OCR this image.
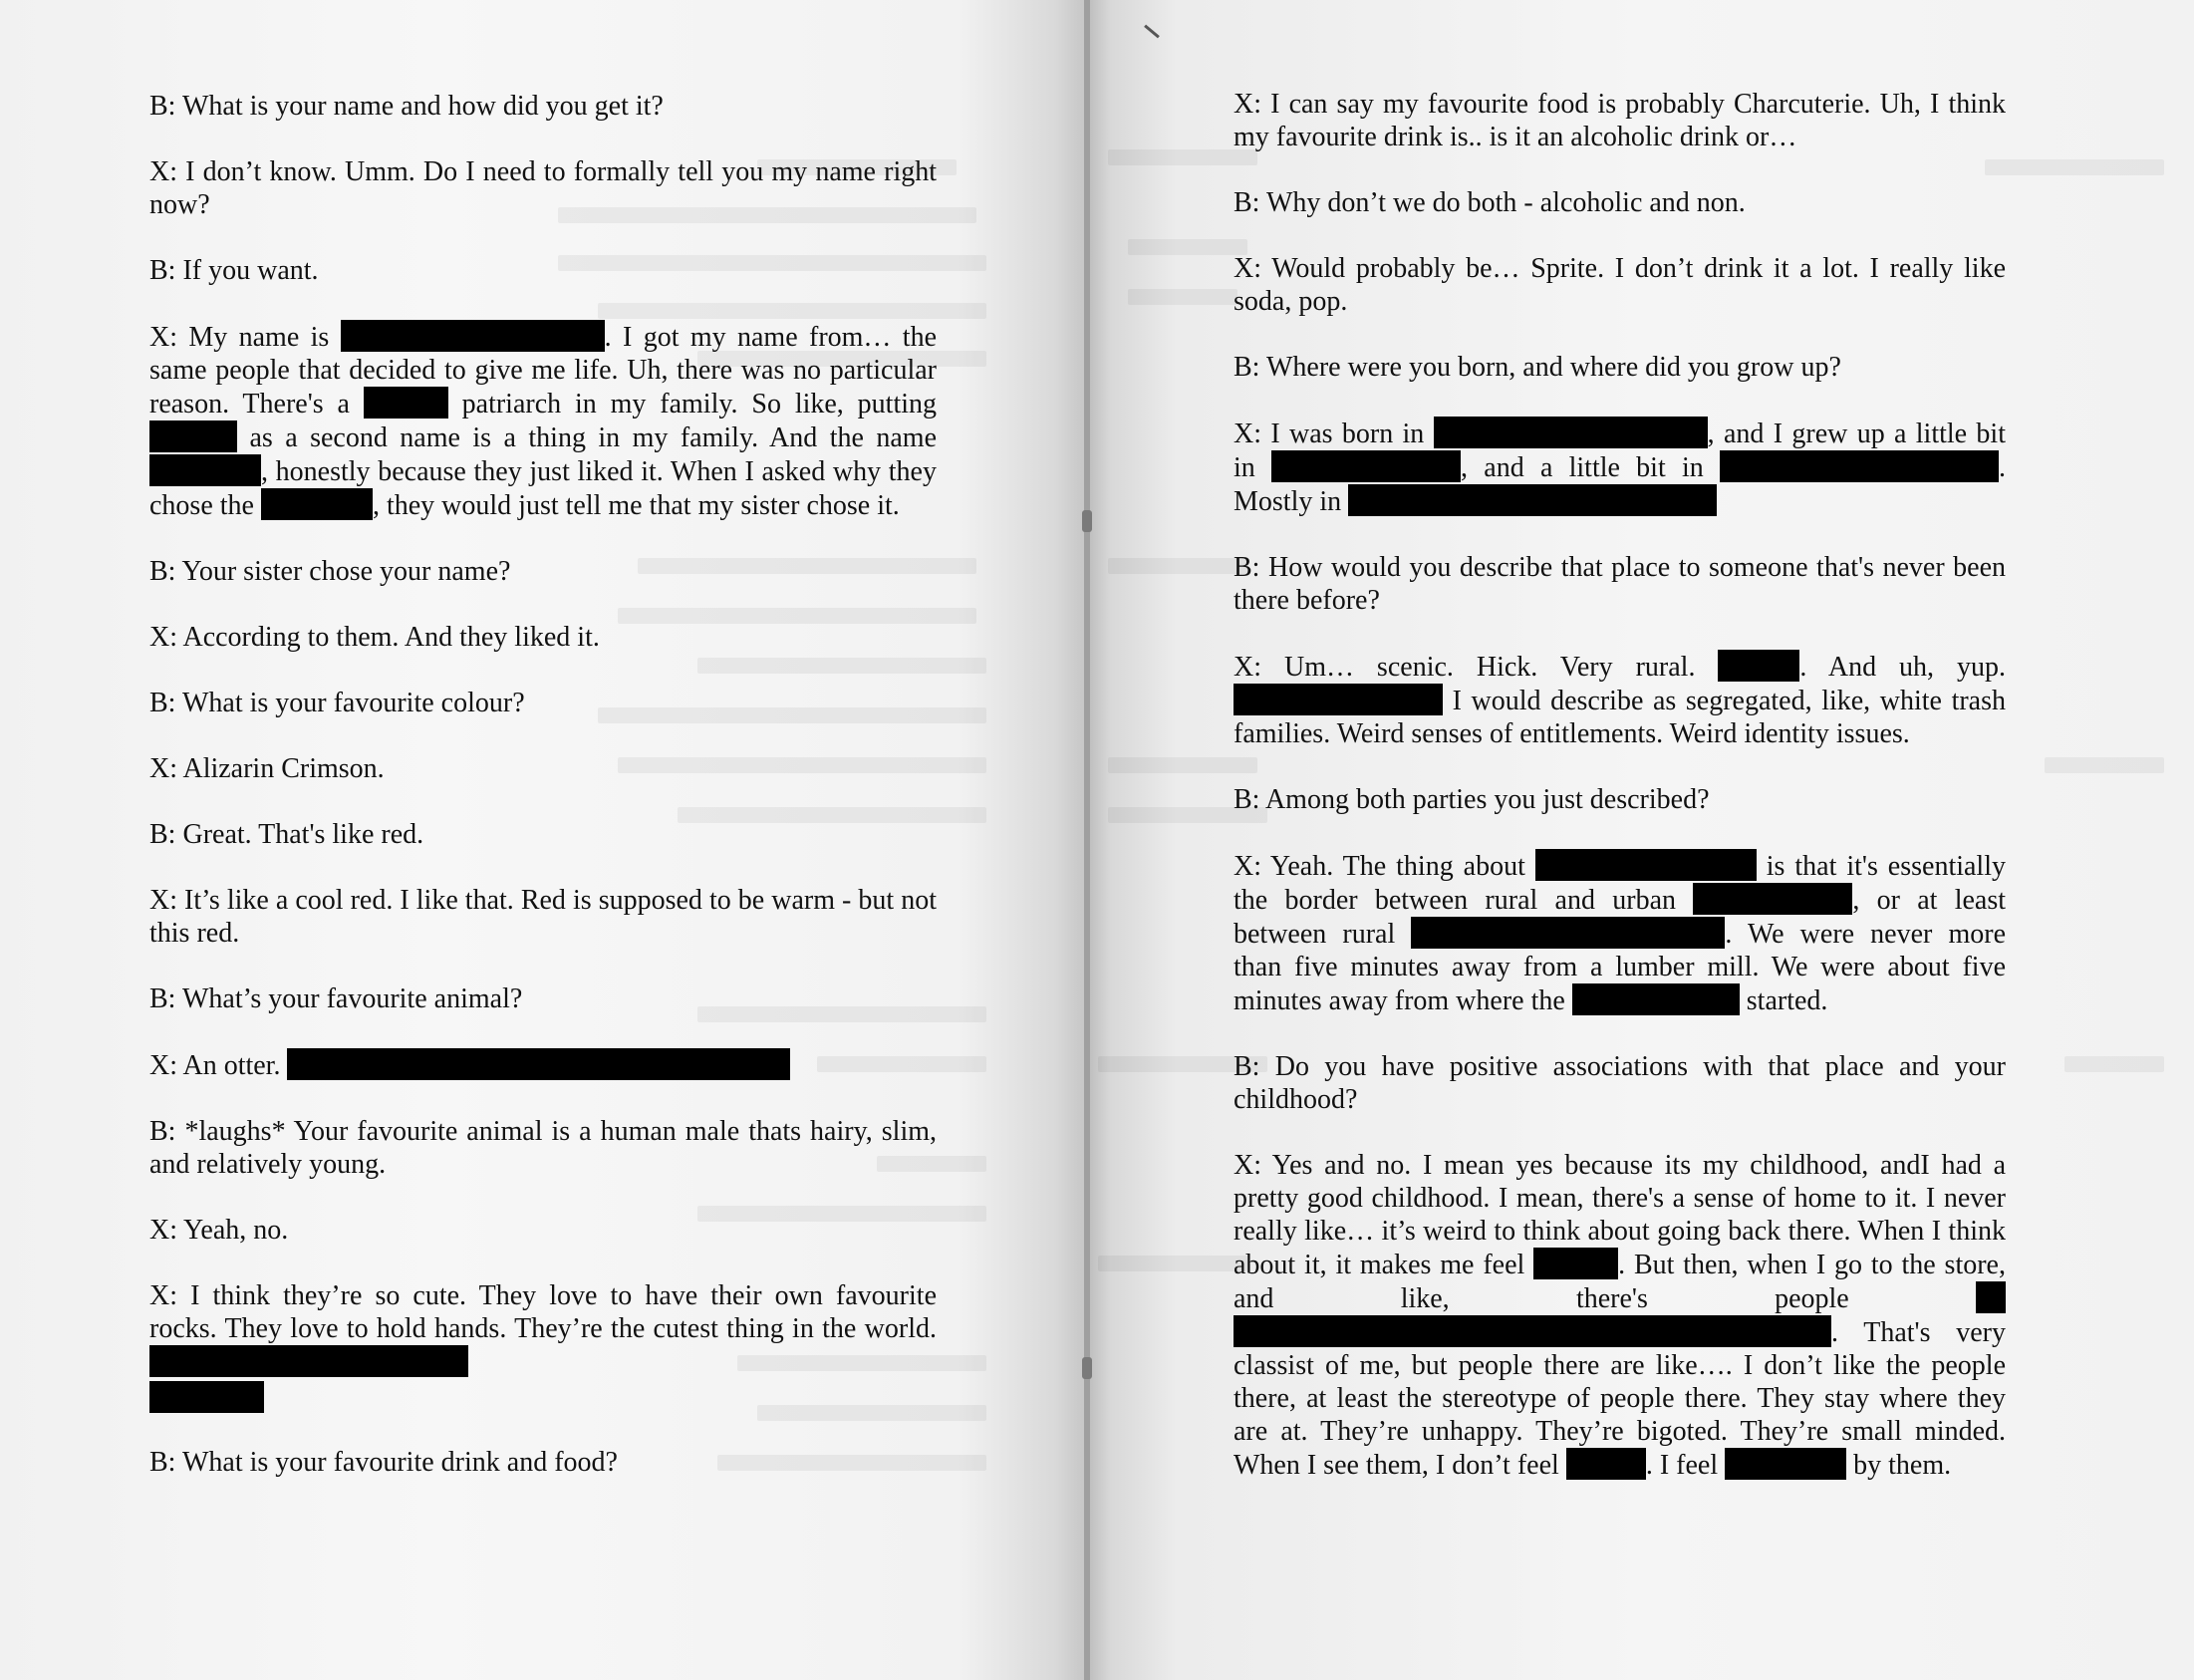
B: What is your name and how did you get it?

X: I don’t know. Umm. Do I need to formally tell you my name right now?

B: If you want.

X: My name is	. I got my name from… the same people that decided to give me life. Uh, there was no particular reason. There's a	patriarch in my family. So like, putting  as a second name is a thing in my family. And the name , honestly because they just liked it. When I asked why they chose the	, they would just tell me that my sister chose it.

B: Your sister chose your name?

X: According to them. And they liked it.

B: What is your favourite colour?

X: Alizarin Crimson.

B: Great. That's like red.

X: It’s like a cool red. I like that. Red is supposed to be warm - but not this red.

B: What’s your favourite animal?

X: An otter.

B: *laughs* Your favourite animal is a human male thats hairy, slim, and relatively young.

X: Yeah, no.

X: I think they’re so cute. They love to have their own favourite rocks. They love to hold hands. They’re the cutest thing in the world.

B: What is your favourite drink and food?

X: I can say my favourite food is probably Charcuterie. Uh, I think my favourite drink is.. is it an alcoholic drink or…

B: Why don’t we do both - alcoholic and non.

X: Would probably be… Sprite. I don’t drink it a lot. I really like soda, pop.

B: Where were you born, and where did you grow up?

X: I was born in	, and I grew up a little bit in	, and a little bit in	. Mostly in

B: How would you describe that place to someone that's never been there before?

X: Um… scenic. Hick. Very rural.	. And uh, yup.  I would describe as segregated, like, white trash families. Weird senses of entitlements. Weird identity issues.

B: Among both parties you just described?

X: Yeah. The thing about	is that it's essentially the border between rural and urban	, or at least between rural	. We were never more than five minutes away from a lumber mill. We were about five minutes away from where the	started.

B: Do you have positive associations with that place and your childhood?

X: Yes and no. I mean yes because its my childhood, andI had a pretty good childhood. I mean, there's a sense of home to it. I never really like… it’s weird to think about going back there. When I think about it, it makes me feel	. But then, when I go to the store, and like, there's people  . That's very classist of me, but people there are like…. I don’t like the people there, at least the stereotype of people there. They stay where they are at. They’re unhappy. They’re bigoted. They’re small minded. When I see them, I don’t feel	. I feel	by them.
